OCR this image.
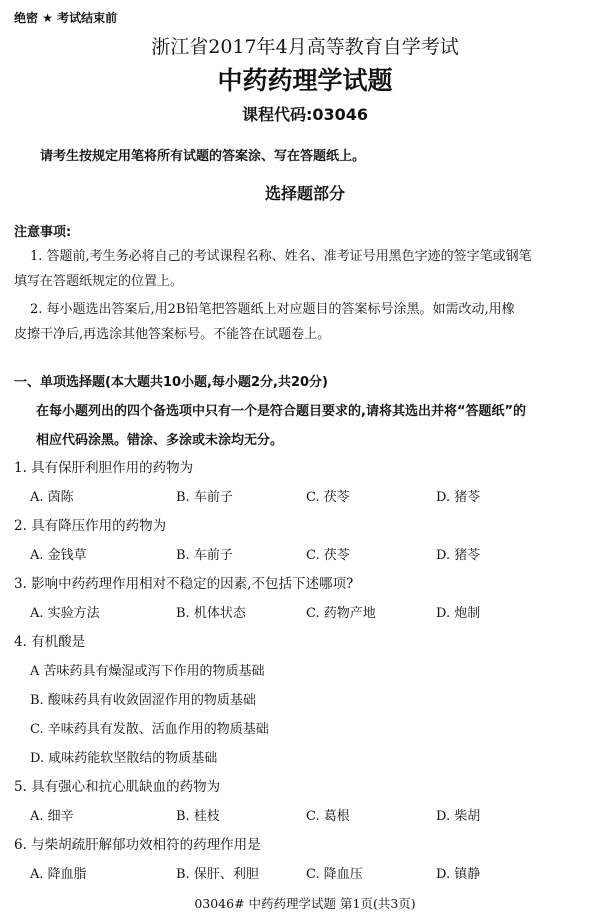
绝密 ★ 考试结束前
浙江省2017年4月高等教育自学考试
中药药理学试题
课程代码:03046
请考生按规定用笔将所有试题的答案涂、写在答题纸上。
选择题部分
注意事项:
1. 答题前,考生务必将自己的考试课程名称、姓名、准考证号用黑色字迹的签字笔或钢笔
填写在答题纸规定的位置上。
2. 每小题选出答案后,用2B铅笔把答题纸上对应题目的答案标号涂黑。如需改动,用橡
皮擦干净后,再选涂其他答案标号。不能答在试题卷上。
一、单项选择题(本大题共10小题,每小题2分,共20分)
在每小题列出的四个备选项中只有一个是符合题目要求的,请将其选出并将“答题纸”的
相应代码涂黑。错涂、多涂或未涂均无分。
1. 具有保肝利胆作用的药物为
A. 茵陈	B. 车前子	C. 茯苓	D. 猪苓
2. 具有降压作用的药物为
A. 金钱草	B. 车前子	C. 茯苓	D. 猪苓
3. 影响中药药理作用相对不稳定的因素,不包括下述哪项?
A. 实验方法	B. 机体状态	C. 药物产地	D. 炮制
4. 有机酸是
A 苦味药具有燥湿或泻下作用的物质基础
B. 酸味药具有收敛固涩作用的物质基础
C. 辛味药具有发散、活血作用的物质基础
D. 咸味药能软坚散结的物质基础
5. 具有强心和抗心肌缺血的药物为
A. 细辛	B. 桂枝	C. 葛根	D. 柴胡
6. 与柴胡疏肝解郁功效相符的药理作用是
A. 降血脂	B. 保肝、利胆	C. 降血压	D. 镇静
03046# 中药药理学试题 第1页(共3页)
